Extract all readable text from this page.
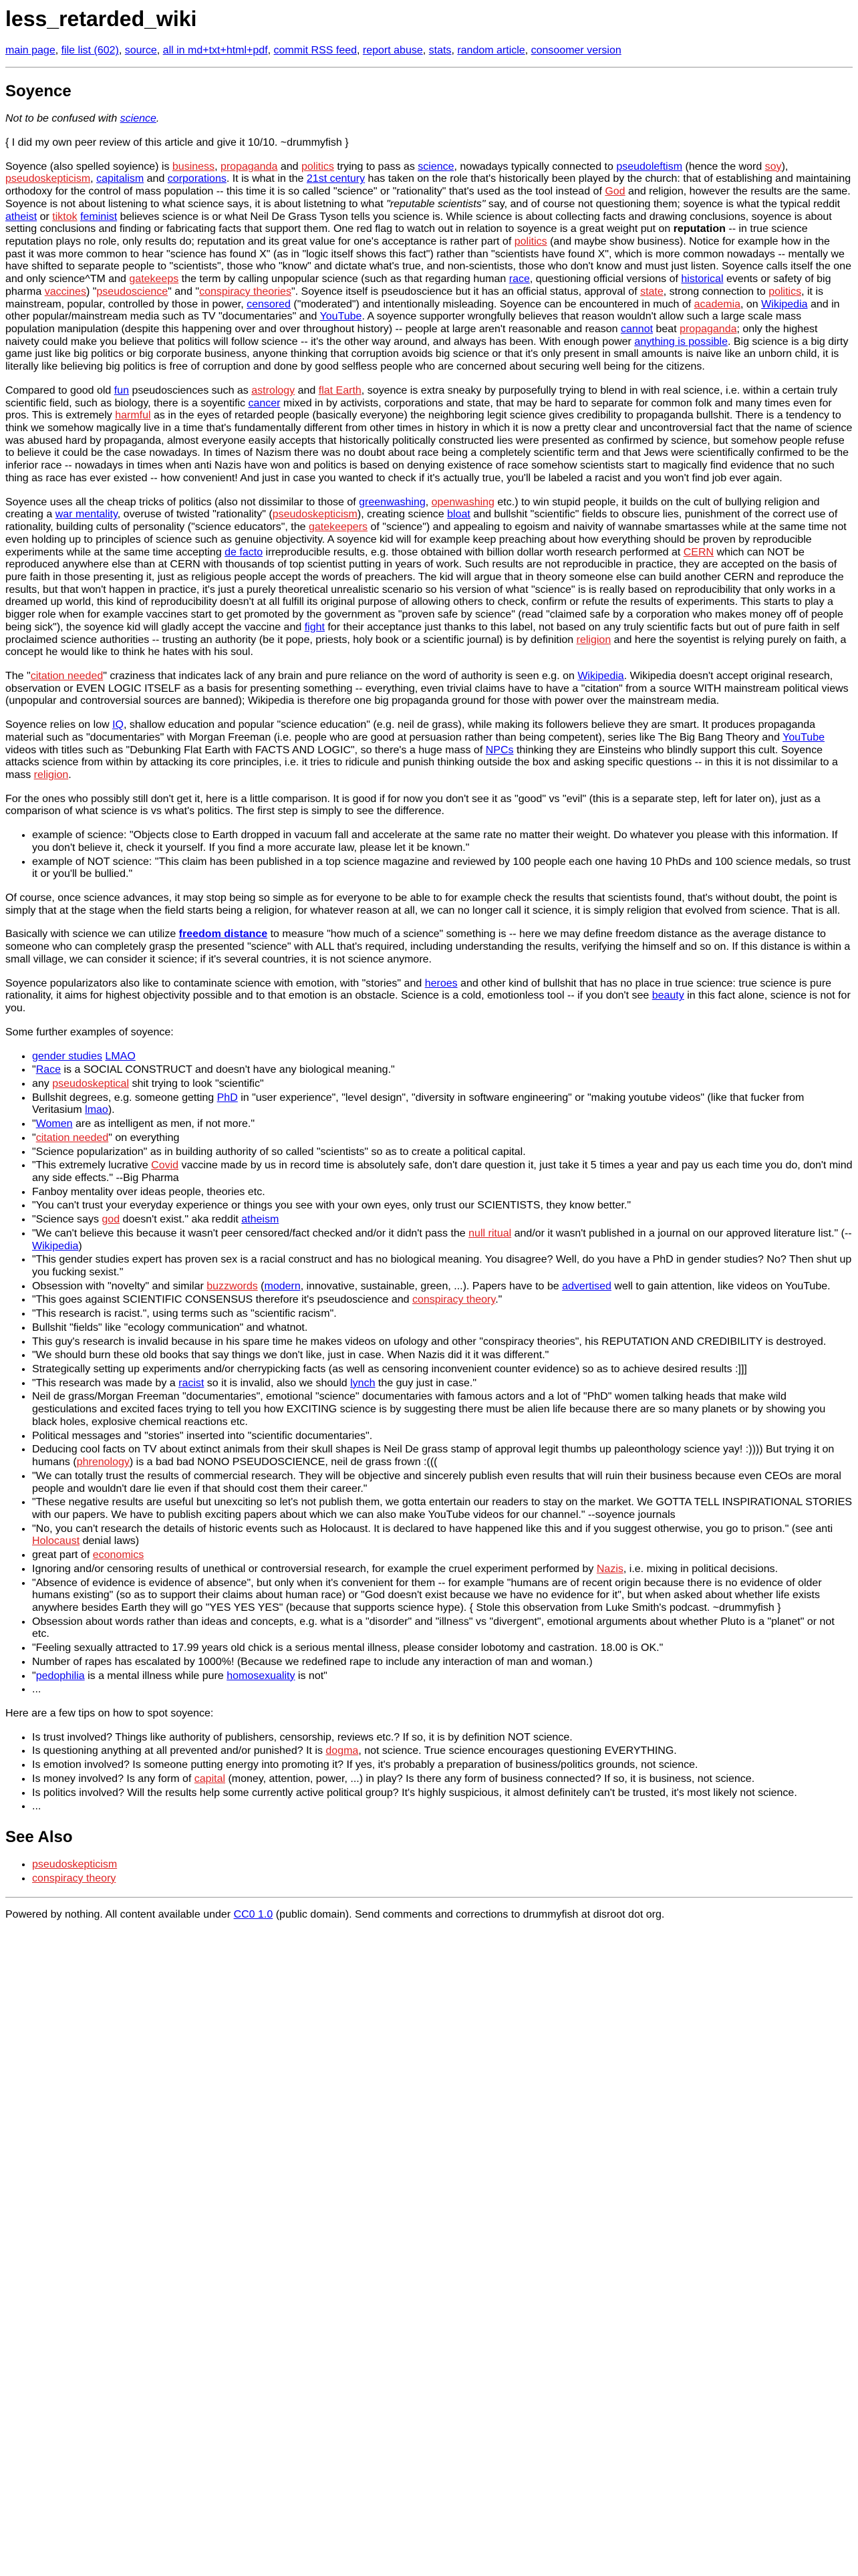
less_retarded_wiki
main page, file list (602), source, all in md+txt+html+pdf, commit RSS feed, report abuse, stats, random article, consoomer version
Soyence

Not to be confused with science.

{ I did my own peer review of this article and give it 10/10. ~drummyfish }

Soyence (also spelled soyience) is business, propaganda and politics trying to pass as science, nowadays typically connected to pseudoleftism (hence the word soy), pseudoskepticism, capitalism and corporations. It is what in the 21st century has taken on the role that's historically been played by the church: that of establishing and maintaining orthodoxy for the control of mass population -- this time it is so called "science" or "rationality" that's used as the tool instead of God and religion, however the results are the same. Soyence is not about listening to what science says, it is about listetning to what "reputable scientists" say, and of course not questioning them; soyence is what the typical reddit atheist or tiktok feminist believes science is or what Neil De Grass Tyson tells you science is. While science is about collecting facts and drawing conclusions, soyence is about setting conclusions and finding or fabricating facts that support them. One red flag to watch out in relation to soyence is a great weight put on reputation -- in true science reputation plays no role, only results do; reputation and its great value for one's acceptance is rather part of politics (and maybe show business). Notice for example how in the past it was more common to hear "science has found X" (as in "logic itself shows this fact") rather than "scientists have found X", which is more common nowadays -- mentally we have shifted to separate people to "scientists", those who "know" and dictate what's true, and non-scientists, those who don't know and must just listen. Soyence calls itself the one and only science^TM and gatekeeps the term by calling unpopular science (such as that regarding human race, questioning official versions of historical events or safety of big pharma vaccines) "pseudoscience" and "conspiracy theories". Soyence itself is pseudoscience but it has an official status, approval of state, strong connection to politics, it is mainstream, popular, controlled by those in power, censored ("moderated") and intentionally misleading. Soyence can be encountered in much of academia, on Wikipedia and in other popular/mainstream media such as TV "documentaries" and YouTube. A soyence supporter wrongfully believes that reason wouldn't allow such a large scale mass population manipulation (despite this happening over and over throughout history) -- people at large aren't reasonable and reason cannot beat propaganda; only the highest naivety could make you believe that politics will follow science -- it's the other way around, and always has been. With enough power anything is possible. Big science is a big dirty game just like big politics or big corporate business, anyone thinking that corruption avoids big science or that it's only present in small amounts is naive like an unborn child, it is literally like believing big politics is free of corruption and done by good selfless people who are concerned about securing well being for the citizens.

Compared to good old fun pseudosciences such as astrology and flat Earth, soyence is extra sneaky by purposefully trying to blend in with real science, i.e. within a certain truly scientific field, such as biology, there is a soyentific cancer mixed in by activists, corporations and state, that may be hard to separate for common folk and many times even for pros. This is extremely harmful as in the eyes of retarded people (basically everyone) the neighboring legit science gives credibility to propaganda bullshit. There is a tendency to think we somehow magically live in a time that's fundamentally different from other times in history in which it is now a pretty clear and uncontroversial fact that the name of science was abused hard by propaganda, almost everyone easily accepts that historically politically constructed lies were presented as confirmed by science, but somehow people refuse to believe it could be the case nowadays. In times of Nazism there was no doubt about race being a completely scientific term and that Jews were scientifically confirmed to be the inferior race -- nowadays in times when anti Nazis have won and politics is based on denying existence of race somehow scientists start to magically find evidence that no such thing as race has ever existed -- how convenient! And just in case you wanted to check if it's actually true, you'll be labeled a racist and you won't find job ever again.

Soyence uses all the cheap tricks of politics (also not dissimilar to those of greenwashing, openwashing etc.) to win stupid people, it builds on the cult of bullying religion and creating a war mentality, overuse of twisted "rationality" (pseudoskepticism), creating science bloat and bullshit "scientific" fields to obscure lies, punishment of the correct use of rationality, building cults of personality ("science educators", the gatekeepers of "science") and appealing to egoism and naivity of wannabe smartasses while at the same time not even holding up to principles of science such as genuine objectivity. A soyence kid will for example keep preaching about how everything should be proven by reproducible experiments while at the same time accepting de facto irreproducible results, e.g. those obtained with billion dollar worth research performed at CERN which can NOT be reproduced anywhere else than at CERN with thousands of top scientist putting in years of work. Such results are not reproducible in practice, they are accepted on the basis of pure faith in those presenting it, just as religious people accept the words of preachers. The kid will argue that in theory someone else can build another CERN and reproduce the results, but that won't happen in practice, it's just a purely theoretical unrealistic scenario so his version of what "science" is is really based on reproducibility that only works in a dreamed up world, this kind of reproducibility doesn't at all fulfill its original purpose of allowing others to check, confirm or refute the results of experiments. This starts to play a bigger role when for example vaccines start to get promoted by the government as "proven safe by science" (read "claimed safe by a corporation who makes money off of people being sick"), the soyence kid will gladly accept the vaccine and fight for their acceptance just thanks to this label, not based on any truly scientific facts but out of pure faith in self proclaimed science authorities -- trusting an authority (be it pope, priests, holy book or a scientific journal) is by definition religion and here the soyentist is relying purely on faith, a concept he would like to think he hates with his soul.

The "citation needed" craziness that indicates lack of any brain and pure reliance on the word of authority is seen e.g. on Wikipedia. Wikipedia doesn't accept original research, observation or EVEN LOGIC ITSELF as a basis for presenting something -- everything, even trivial claims have to have a "citation" from a source WITH mainstream political views (unpopular and controversial sources are banned); Wikipedia is therefore one big propaganda ground for those with power over the mainstream media.

Soyence relies on low IQ, shallow education and popular "science education" (e.g. neil de grass), while making its followers believe they are smart. It produces propaganda material such as "documentaries" with Morgan Freeman (i.e. people who are good at persuasion rather than being competent), series like The Big Bang Theory and YouTube videos with titles such as "Debunking Flat Earth with FACTS AND LOGIC", so there's a huge mass of NPCs thinking they are Einsteins who blindly support this cult. Soyence attacks science from within by attacking its core principles, i.e. it tries to ridicule and punish thinking outside the box and asking specific questions -- in this it is not dissimilar to a mass religion.

For the ones who possibly still don't get it, here is a little comparison. It is good if for now you don't see it as "good" vs "evil" (this is a separate step, left for later on), just as a comparison of what science is vs what's politics. The first step is simply to see the difference.

• example of science: "Objects close to Earth dropped in vacuum fall and accelerate at the same rate no matter their weight. Do whatever you please with this information. If you don't believe it, check it yourself. If you find a more accurate law, please let it be known."
• example of NOT science: "This claim has been published in a top science magazine and reviewed by 100 people each one having 10 PhDs and 100 science medals, so trust it or you'll be bullied."

Of course, once science advances, it may stop being so simple as for everyone to be able to for example check the results that scientists found, that's without doubt, the point is simply that at the stage when the field starts being a religion, for whatever reason at all, we can no longer call it science, it is simply religion that evolved from science. That is all.

Basically with science we can utilize freedom distance to measure "how much of a science" something is -- here we may define freedom distance as the average distance to someone who can completely grasp the presented "science" with ALL that's required, including understanding the results, verifying the himself and so on. If this distance is within a small village, we can consider it science; if it's several countries, it is not science anymore.

Soyence popularizators also like to contaminate science with emotion, with "stories" and heroes and other kind of bullshit that has no place in true science: true science is pure rationality, it aims for highest objectivity possible and to that emotion is an obstacle. Science is a cold, emotionless tool -- if you don't see beauty in this fact alone, science is not for you.

Some further examples of soyence:

• gender studies LMAO
• "Race is a SOCIAL CONSTRUCT and doesn't have any biological meaning."
• any pseudoskeptical shit trying to look "scientific"
• Bullshit degrees, e.g. someone getting PhD in "user experience", "level design", "diversity in software engineering" or "making youtube videos" (like that fucker from Veritasium lmao).
• "Women are as intelligent as men, if not more."
• "citation needed" on everything
• "Science popularization" as in building authority of so called "scientists" so as to create a political capital.
• "This extremely lucrative Covid vaccine made by us in record time is absolutely safe, don't dare question it, just take it 5 times a year and pay us each time you do, don't mind any side effects." --Big Pharma
• Fanboy mentality over ideas people, theories etc.
• "You can't trust your everyday experience or things you see with your own eyes, only trust our SCIENTISTS, they know better."
• "Science says god doesn't exist." aka reddit atheism
• "We can't believe this because it wasn't peer censored/fact checked and/or it didn't pass the null ritual and/or it wasn't published in a journal on our approved literature list." (--Wikipedia)
• "This gender studies expert has proven sex is a racial construct and has no biological meaning. You disagree? Well, do you have a PhD in gender studies? No? Then shut up you fucking sexist."
• Obsession with "novelty" and similar buzzwords (modern, innovative, sustainable, green, ...). Papers have to be advertised well to gain attention, like videos on YouTube.
• "This goes against SCIENTIFIC CONSENSUS therefore it's pseudoscience and conspiracy theory."
• "This research is racist.", using terms such as "scientific racism".
• Bullshit "fields" like "ecology communication" and whatnot.
• This guy's research is invalid because in his spare time he makes videos on ufology and other "conspiracy theories", his REPUTATION AND CREDIBILITY is destroyed.
• "We should burn these old books that say things we don't like, just in case. When Nazis did it it was different."
• Strategically setting up experiments and/or cherrypicking facts (as well as censoring inconvenient counter evidence) so as to achieve desired results :]]]
• "This research was made by a racist so it is invalid, also we should lynch the guy just in case."
• Neil de grass/Morgan Freeman "documentaries", emotional "science" documentaries with famous actors and a lot of "PhD" women talking heads that make wild gesticulations and excited faces trying to tell you how EXCITING science is by suggesting there must be alien life because there are so many planets or by showing you black holes, explosive chemical reactions etc.
• Political messages and "stories" inserted into "scientific documentaries".
• Deducing cool facts on TV about extinct animals from their skull shapes is Neil De grass stamp of approval legit thumbs up paleonthology science yay! :)))) But trying it on humans (phrenology) is a bad bad NONO PSEUDOSCIENCE, neil de grass frown :(((
• "We can totally trust the results of commercial research. They will be objective and sincerely publish even results that will ruin their business because even CEOs are moral people and wouldn't dare lie even if that should cost them their career."
• "These negative results are useful but unexciting so let's not publish them, we gotta entertain our readers to stay on the market. We GOTTA TELL INSPIRATIONAL STORIES with our papers. We have to publish exciting papers about which we can also make YouTube videos for our channel." --soyence journals
• "No, you can't research the details of historic events such as Holocaust. It is declared to have happened like this and if you suggest otherwise, you go to prison." (see anti Holocaust denial laws)
• great part of economics
• Ignoring and/or censoring results of unethical or controversial research, for example the cruel experiment performed by Nazis, i.e. mixing in political decisions.
• "Absence of evidence is evidence of absence", but only when it's convenient for them -- for example "humans are of recent origin because there is no evidence of older humans existing" (so as to support their claims about human race) or "God doesn't exist because we have no evidence for it", but when asked about whether life exists anywhere besides Earth they will go "YES YES YES" (because that supports science hype). { Stole this observation from Luke Smith's podcast. ~drummyfish }
• Obsession about words rather than ideas and concepts, e.g. what is a "disorder" and "illness" vs "divergent", emotional arguments about whether Pluto is a "planet" or not etc.
• "Feeling sexually attracted to 17.99 years old chick is a serious mental illness, please consider lobotomy and castration. 18.00 is OK."
• Number of rapes has escalated by 1000%! (Because we redefined rape to include any interaction of man and woman.)
• "pedophilia is a mental illness while pure homosexuality is not"
• ...

Here are a few tips on how to spot soyence:

• Is trust involved? Things like authority of publishers, censorship, reviews etc.? If so, it is by definition NOT science.
• Is questioning anything at all prevented and/or punished? It is dogma, not science. True science encourages questioning EVERYTHING.
• Is emotion involved? Is someone putting energy into promoting it? If yes, it's probably a preparation of business/politics grounds, not science.
• Is money involved? Is any form of capital (money, attention, power, ...) in play? Is there any form of business connected? If so, it is business, not science.
• Is politics involved? Will the results help some currently active political group? It's highly suspicious, it almost definitely can't be trusted, it's most likely not science.
• ...
See Also
• pseudoskepticism
• conspiracy theory

Powered by nothing. All content available under CC0 1.0 (public domain). Send comments and corrections to drummyfish at disroot dot org.
